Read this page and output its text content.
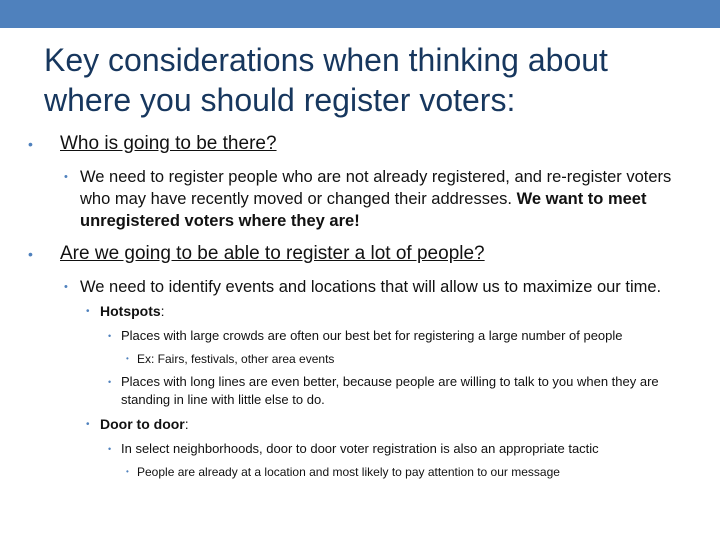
Key considerations when thinking about where you should register voters:
• Who is going to be there?
• We need to register people who are not already registered, and re-register voters who may have recently moved or changed their addresses. We want to meet unregistered voters where they are!
• Are we going to be able to register a lot of people?
• We need to identify events and locations that will allow us to maximize our time.
• Hotspots:
• Places with large crowds are often our best bet for registering a large number of people
• Ex: Fairs, festivals, other area events
• Places with long lines are even better, because people are willing to talk to you when they are standing in line with little else to do.
• Door to door:
• In select neighborhoods, door to door voter registration is also an appropriate tactic
• People are already at a location and most likely to pay attention to our message
